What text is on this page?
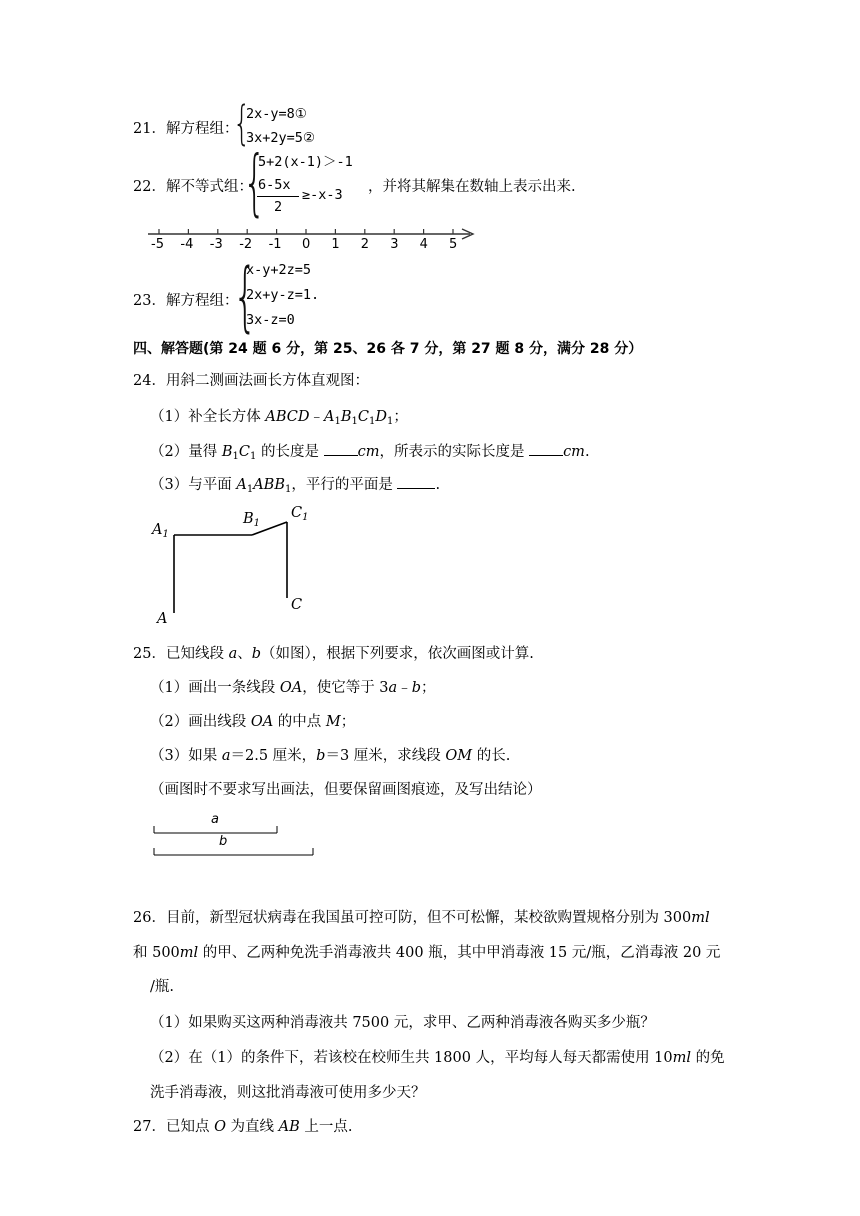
21．解方程组：
{
2x-y=8①
3x+2y=5②
22．解不等式组：
{
5+2(x-1)＞-1
6-5x
2
≥-x-3 ，并将其解集在数轴上表示出来.
-5 -4 -3 -2 -1 0 1 2 3 4 5
23．解方程组：
{
x-y+2z=5
2x+y-z=1.
3x-z=0
四、解答题(第 24 题 6 分，第 25、26 各 7 分，第 27 题 8 分，满分 28 分）
24．用斜二测画法画长方体直观图：
（1）补全长方体 $ABCD﹣A_1B_1C_1D_1$；
（2）量得 $B_1C_1$ 的长度是 cm，所表示的实际长度是 cm.
（3）与平面 $A_1ABB_1$，平行的平面是	.
$A_1$
$B_1$
$C_1$
A
C
25．已知线段 a、b（如图），根据下列要求，依次画图或计算.
（1）画出一条线段 OA，使它等于 3a﹣b；
（2）画出线段 OA 的中点 M；
（3）如果 a＝2.5 厘米，b＝3 厘米，求线段 OM 的长.
（画图时不要求写出画法，但要保留画图痕迹，及写出结论）
a
b
26．目前，新型冠状病毒在我国虽可控可防，但不可松懈，某校欲购置规格分别为 300ml
和 500ml 的甲、乙两种免洗手消毒液共 400 瓶，其中甲消毒液 15 元/瓶，乙消毒液 20 元
/瓶.
（1）如果购买这两种消毒液共 7500 元，求甲、乙两种消毒液各购买多少瓶？
（2）在（1）的条件下，若该校在校师生共 1800 人，平均每人每天都需使用 10ml 的免
洗手消毒液，则这批消毒液可使用多少天？
27．已知点 O 为直线 AB 上一点.
